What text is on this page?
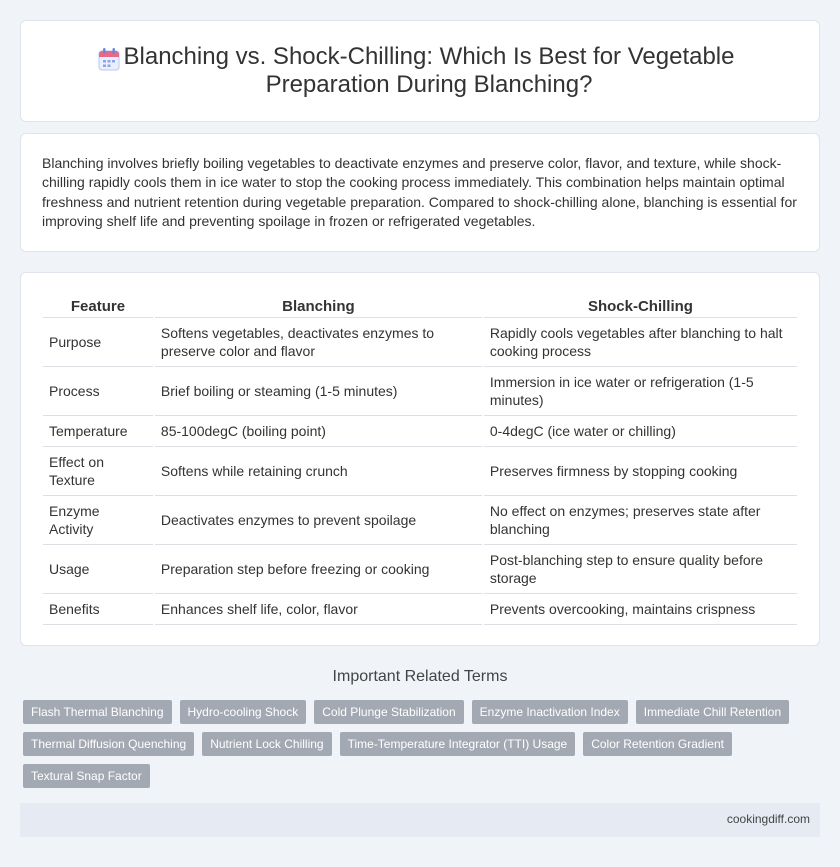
Blanching vs. Shock-Chilling: Which Is Best for Vegetable Preparation During Blanching?

Blanching involves briefly boiling vegetables to deactivate enzymes and preserve color, flavor, and texture, while shock-chilling rapidly cools them in ice water to stop the cooking process immediately. This combination helps maintain optimal freshness and nutrient retention during vegetable preparation. Compared to shock-chilling alone, blanching is essential for improving shelf life and preventing spoilage in frozen or refrigerated vegetables.

Feature	Blanching	Shock-Chilling
Purpose	Softens vegetables, deactivates enzymes to preserve color and flavor	Rapidly cools vegetables after blanching to halt cooking process
Process	Brief boiling or steaming (1-5 minutes)	Immersion in ice water or refrigeration (1-5 minutes)
Temperature	85-100degC (boiling point)	0-4degC (ice water or chilling)
Effect on Texture	Softens while retaining crunch	Preserves firmness by stopping cooking
Enzyme Activity	Deactivates enzymes to prevent spoilage	No effect on enzymes; preserves state after blanching
Usage	Preparation step before freezing or cooking	Post-blanching step to ensure quality before storage
Benefits	Enhances shelf life, color, flavor	Prevents overcooking, maintains crispness
Important Related Terms
Flash Thermal Blanching	Hydro-cooling Shock	Cold Plunge Stabilization	Enzyme Inactivation Index	Immediate Chill Retention
Thermal Diffusion Quenching	Nutrient Lock Chilling	Time-Temperature Integrator (TTI) Usage	Color Retention Gradient
Textural Snap Factor
cookingdiff.com
